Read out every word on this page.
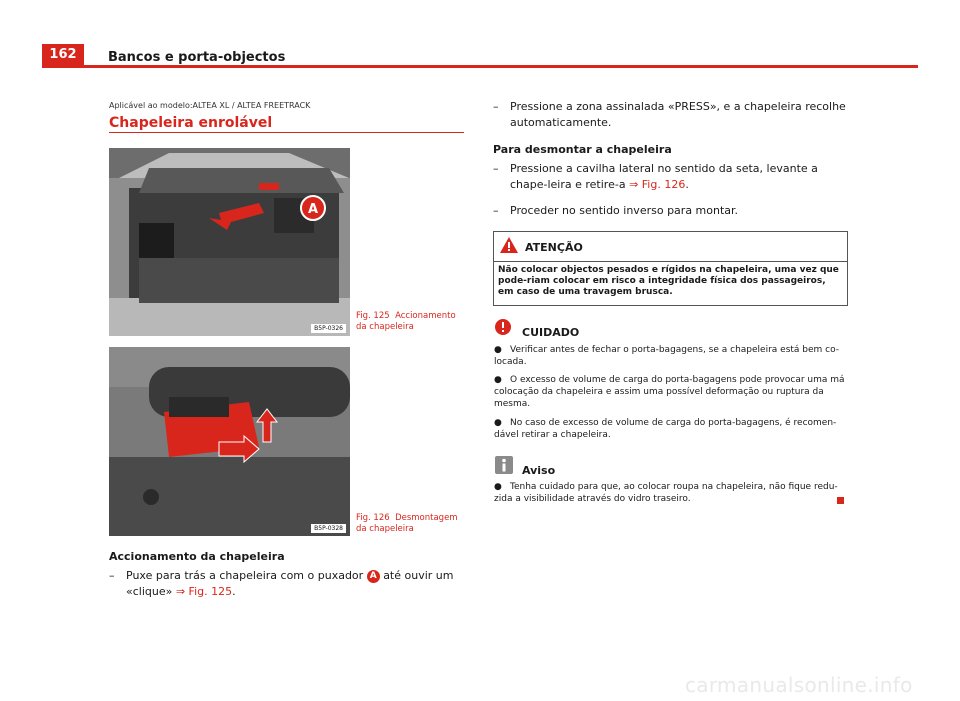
162	Bancos e porta-objectos
Aplicável ao modelo:ALTEA XL / ALTEA FREETRACK
Chapeleira enrolável
A
B5P-0326
Fig. 125 Accionamento da chapeleira
B5P-0328
Fig. 126 Desmontagem da chapeleira
Accionamento da chapeleira
–	Puxe para trás a chapeleira com o puxador A até ouvir um «clique» ⇒ Fig. 125.
–	Pressione a zona assinalada «PRESS», e a chapeleira recolhe automaticamente.
Para desmontar a chapeleira
–	Pressione a cavilha lateral no sentido da seta, levante a chape-leira e retire-a ⇒ Fig. 126.
–	Proceder no sentido inverso para montar.
ATENÇÃO
Não colocar objectos pesados e rígidos na chapeleira, uma vez que pode-riam colocar em risco a integridade física dos passageiros, em caso de uma travagem brusca.
CUIDADO
● Verificar antes de fechar o porta-bagagens, se a chapeleira está bem co-locada.
● O excesso de volume de carga do porta-bagagens pode provocar uma má colocação da chapeleira e assim uma possível deformação ou ruptura da mesma.
● No caso de excesso de volume de carga do porta-bagagens, é recomen-dável retirar a chapeleira.
Aviso
● Tenha cuidado para que, ao colocar roupa na chapeleira, não fique redu-zida a visibilidade através do vidro traseiro.
carmanualsonline.info
